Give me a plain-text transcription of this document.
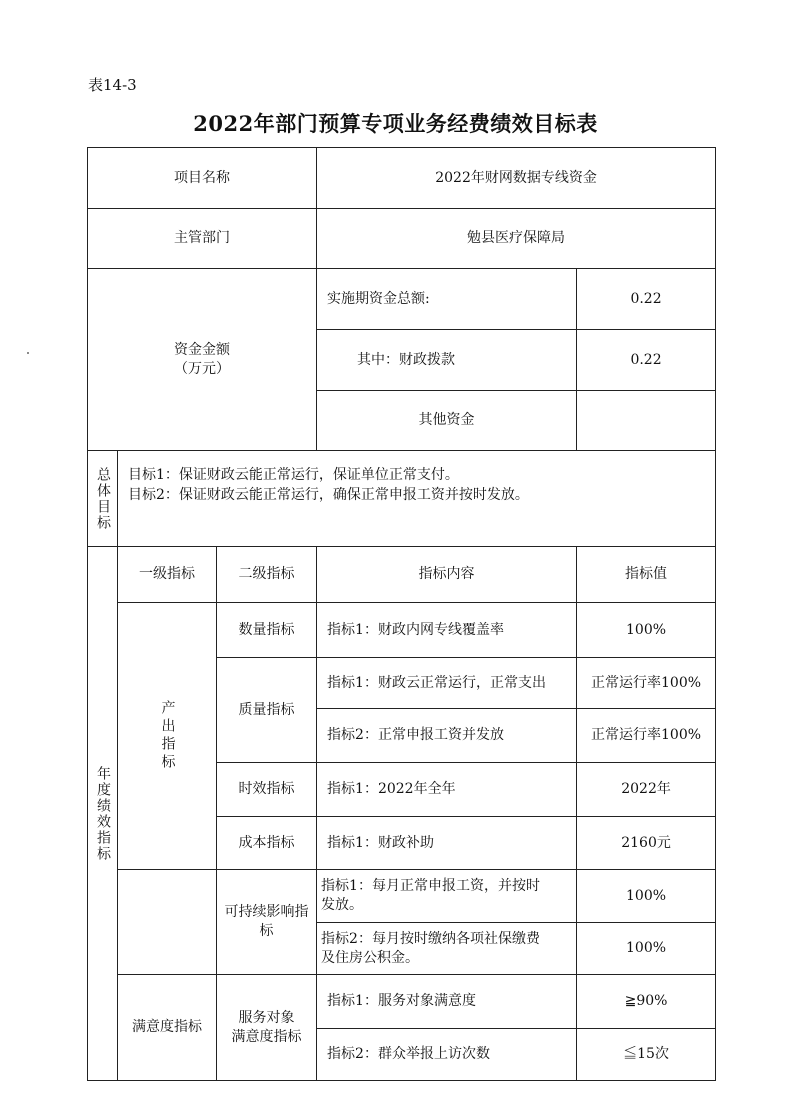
表14-3
2022年部门预算专项业务经费绩效目标表
项目名称			2022年财网数据专线资金	
主管部门			勉县医疗保障局	

资金金额
（万元）			实施期资金总额:	0.22
			其中：财政拨款	0.22
			其他资金	

总体目标	目标1：保证财政云能正常运行，保证单位正常支付。
目标2：保证财政云能正常运行，确保正常申报工资并按时发放。			

年度绩效指标	一级指标	二级指标	指标内容	指标值

	产出指标	数量指标	指标1：财政内网专线覆盖率	100%
		质量指标	指标1：财政云正常运行，正常支出	正常运行率100%
			指标2：正常申报工资并发放	正常运行率100%
		时效指标	指标1：2022年全年	2022年
		成本指标	指标1：财政补助	2160元
		可持续影响指标	指标1：每月正常申报工资，并按时
发放。	100%

			指标2：每月按时缴纳各项社保缴费
及住房公积金。	100%
	满意度指标	服务对象
满意度指标	指标1：服务对象满意度	≧90%
			指标2：群众举报上访次数	≦15次
